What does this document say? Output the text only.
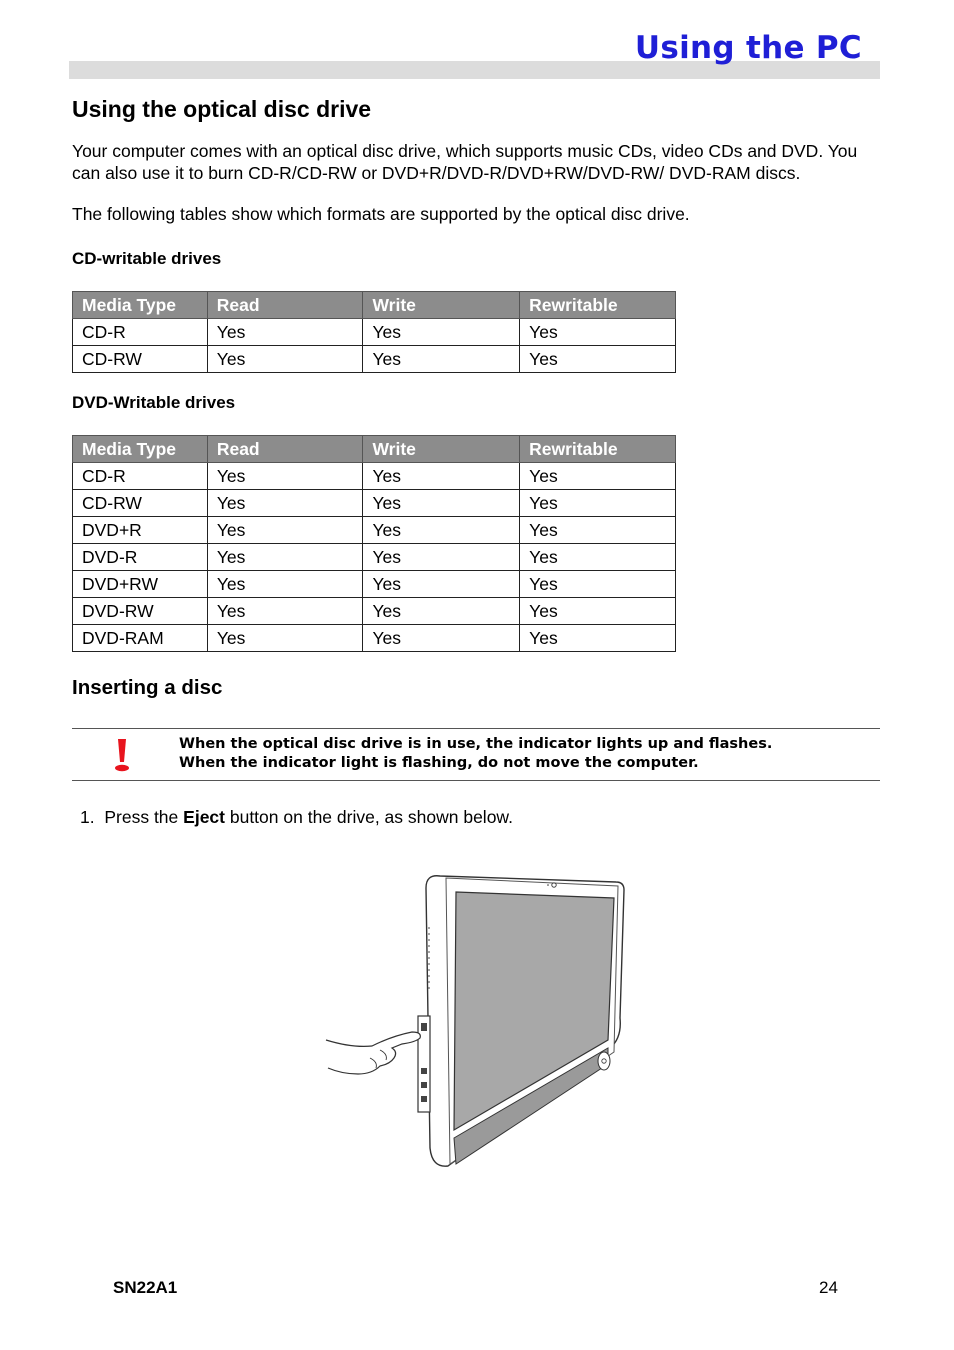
Using the PC
Using the optical disc drive

Your computer comes with an optical disc drive, which supports music CDs, video CDs and DVD. You can also use it to burn CD-R/CD-RW or DVD+R/DVD-R/DVD+RW/DVD-RW/ DVD-RAM discs.

The following tables show which formats are supported by the optical disc drive.

CD-writable drives
Media Type	Read	Write	Rewritable
CD-R	Yes	Yes	Yes
CD-RW	Yes	Yes	Yes
DVD-Writable drives
Media Type	Read	Write	Rewritable
CD-R	Yes	Yes	Yes
CD-RW	Yes	Yes	Yes
DVD+R	Yes	Yes	Yes
DVD-R	Yes	Yes	Yes
DVD+RW	Yes	Yes	Yes
DVD-RW	Yes	Yes	Yes
DVD-RAM	Yes	Yes	Yes
Inserting a disc
When the optical disc drive is in use, the indicator lights up and flashes.
When the indicator light is flashing, do not move the computer.

1. Press the Eject button on the drive, as shown below.

SN22A1	24
